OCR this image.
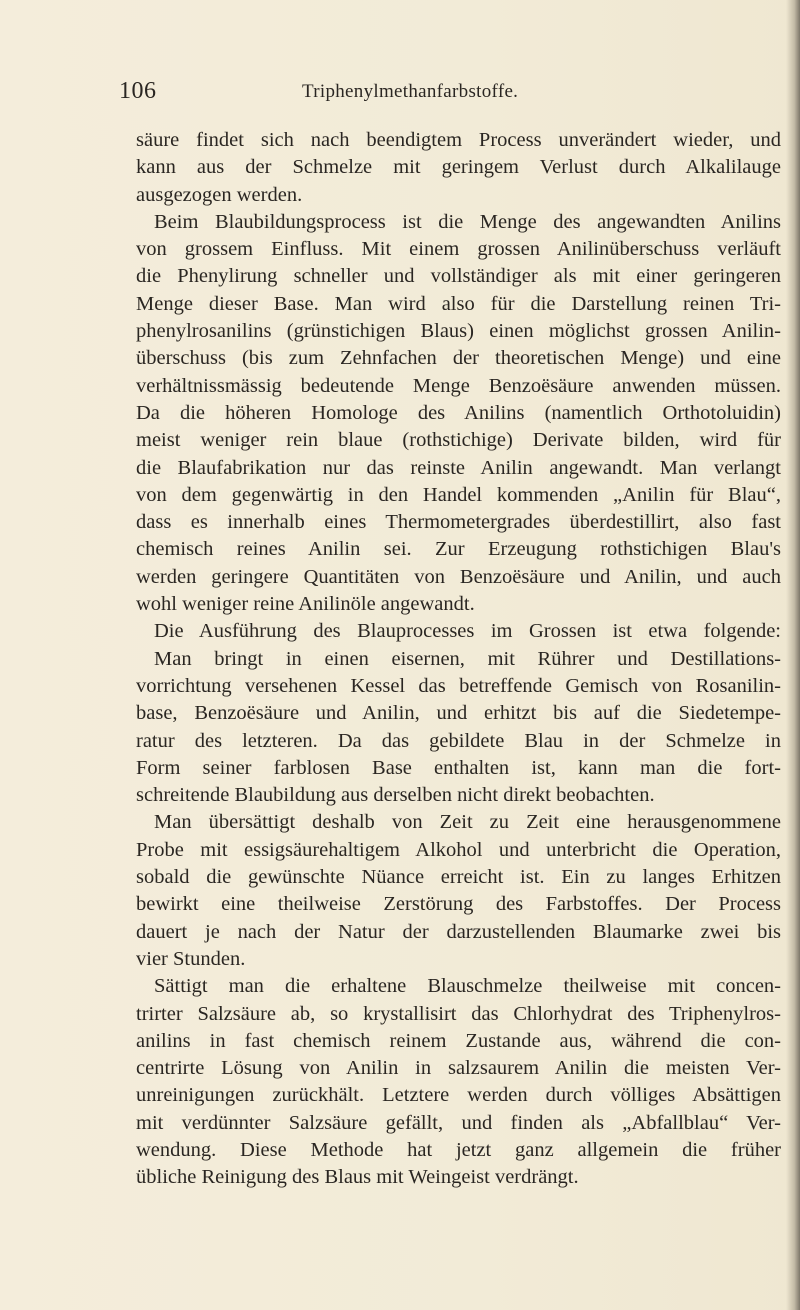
106	Triphenylmethanfarbstoffe.
säure findet sich nach beendigtem Process unverändert wieder, und
kann aus der Schmelze mit geringem Verlust durch Alkalilauge
ausgezogen werden.
Beim Blaubildungsprocess ist die Menge des angewandten Anilins
von grossem Einfluss. Mit einem grossen Anilinüberschuss verläuft
die Phenylirung schneller und vollständiger als mit einer geringeren
Menge dieser Base. Man wird also für die Darstellung reinen Tri-
phenylrosanilins (grünstichigen Blaus) einen möglichst grossen Anilin-
überschuss (bis zum Zehnfachen der theoretischen Menge) und eine
verhältnissmässig bedeutende Menge Benzoësäure anwenden müssen.
Da die höheren Homologe des Anilins (namentlich Orthotoluidin)
meist weniger rein blaue (rothstichige) Derivate bilden, wird für
die Blaufabrikation nur das reinste Anilin angewandt. Man verlangt
von dem gegenwärtig in den Handel kommenden „Anilin für Blau“,
dass es innerhalb eines Thermometergrades überdestillirt, also fast
chemisch reines Anilin sei. Zur Erzeugung rothstichigen Blau's
werden geringere Quantitäten von Benzoësäure und Anilin, und auch
wohl weniger reine Anilinöle angewandt.
Die Ausführung des Blauprocesses im Grossen ist etwa folgende:
Man bringt in einen eisernen, mit Rührer und Destillations-
vorrichtung versehenen Kessel das betreffende Gemisch von Rosanilin-
base, Benzoësäure und Anilin, und erhitzt bis auf die Siedetempe-
ratur des letzteren. Da das gebildete Blau in der Schmelze in
Form seiner farblosen Base enthalten ist, kann man die fort-
schreitende Blaubildung aus derselben nicht direkt beobachten.
Man übersättigt deshalb von Zeit zu Zeit eine herausgenommene
Probe mit essigsäurehaltigem Alkohol und unterbricht die Operation,
sobald die gewünschte Nüance erreicht ist. Ein zu langes Erhitzen
bewirkt eine theilweise Zerstörung des Farbstoffes. Der Process
dauert je nach der Natur der darzustellenden Blaumarke zwei bis
vier Stunden.
Sättigt man die erhaltene Blauschmelze theilweise mit concen-
trirter Salzsäure ab, so krystallisirt das Chlorhydrat des Triphenylros-
anilins in fast chemisch reinem Zustande aus, während die con-
centrirte Lösung von Anilin in salzsaurem Anilin die meisten Ver-
unreinigungen zurückhält. Letztere werden durch völliges Absättigen
mit verdünnter Salzsäure gefällt, und finden als „Abfallblau“ Ver-
wendung. Diese Methode hat jetzt ganz allgemein die früher
übliche Reinigung des Blaus mit Weingeist verdrängt.
